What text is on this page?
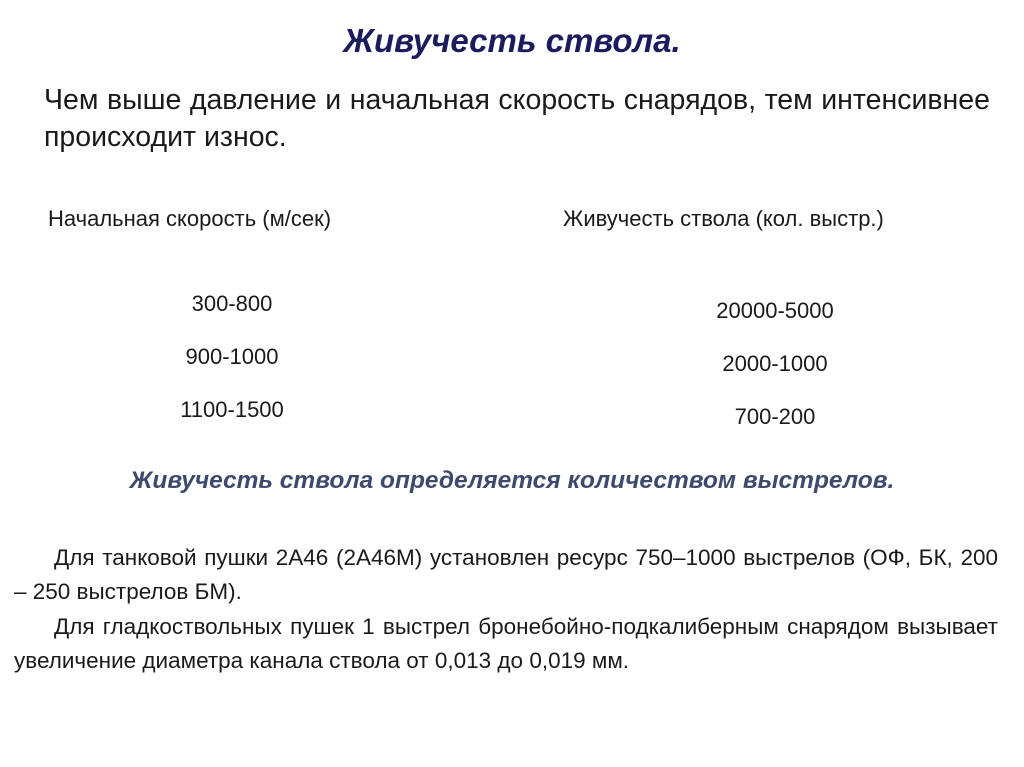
Живучесть ствола.
Чем выше давление и начальная скорость снарядов, тем интенсивнее происходит износ.
Начальная скорость (м/сек)	Живучесть ствола (кол. выстр.)
300-800
900-1000
1100-1500
20000-5000
2000-1000
700-200
Живучесть ствола определяется количеством выстрелов.

Для танковой пушки 2А46 (2А46М) установлен ресурс 750–1000 выстрелов (ОФ, БК, 200 – 250 выстрелов БМ).

Для гладкоствольных пушек 1 выстрел бронебойно-подкалиберным снарядом вызывает увеличение диаметра канала ствола от 0,013 до 0,019 мм.
